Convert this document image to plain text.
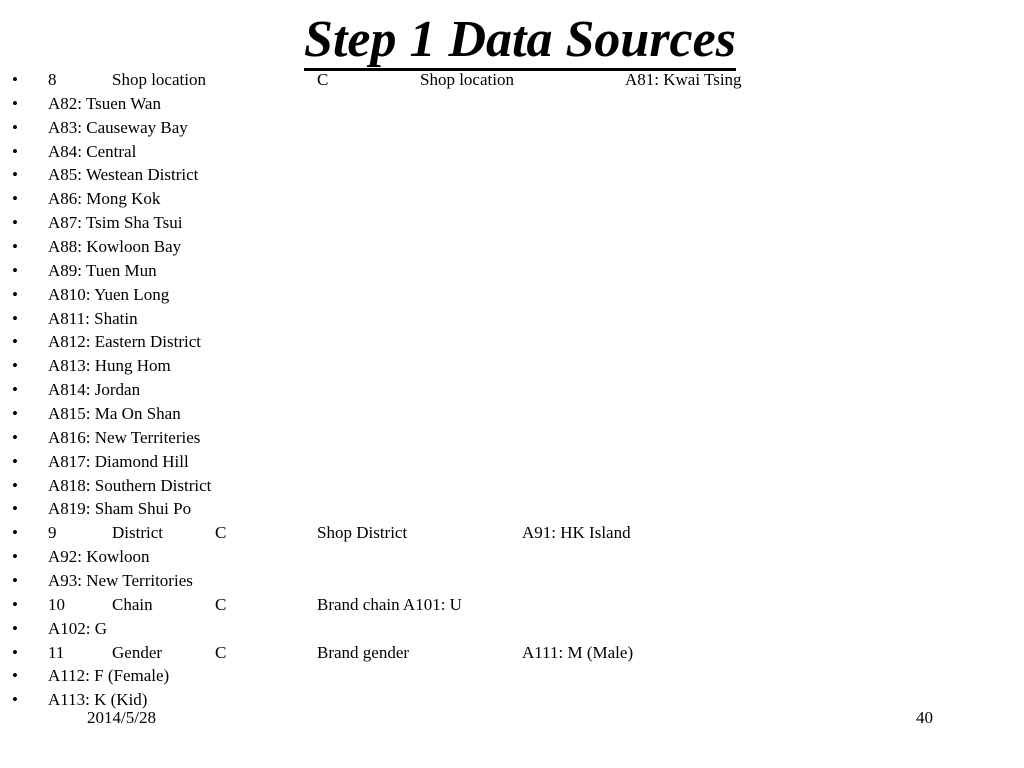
Step 1 Data Sources
• 8	Shop location	C	Shop location	A81: Kwai Tsing
• A82: Tsuen Wan
• A83: Causeway Bay
• A84: Central
• A85: Westean District
• A86: Mong Kok
• A87: Tsim Sha Tsui
• A88: Kowloon Bay
• A89: Tuen Mun
• A810: Yuen Long
• A811: Shatin
• A812: Eastern District
• A813: Hung Hom
• A814: Jordan
• A815: Ma On Shan
• A816: New Territeries
• A817: Diamond Hill
• A818: Southern District
• A819: Sham Shui Po
• 9	District	C	Shop District	A91: HK Island
• A92: Kowloon
• A93: New Territories
• 10	Chain	C	Brand chain A101: U
• A102: G
• 11	Gender	C	Brand gender	A111: M (Male)
• A112: F (Female)
• A113: K (Kid)
2014/5/28	40
